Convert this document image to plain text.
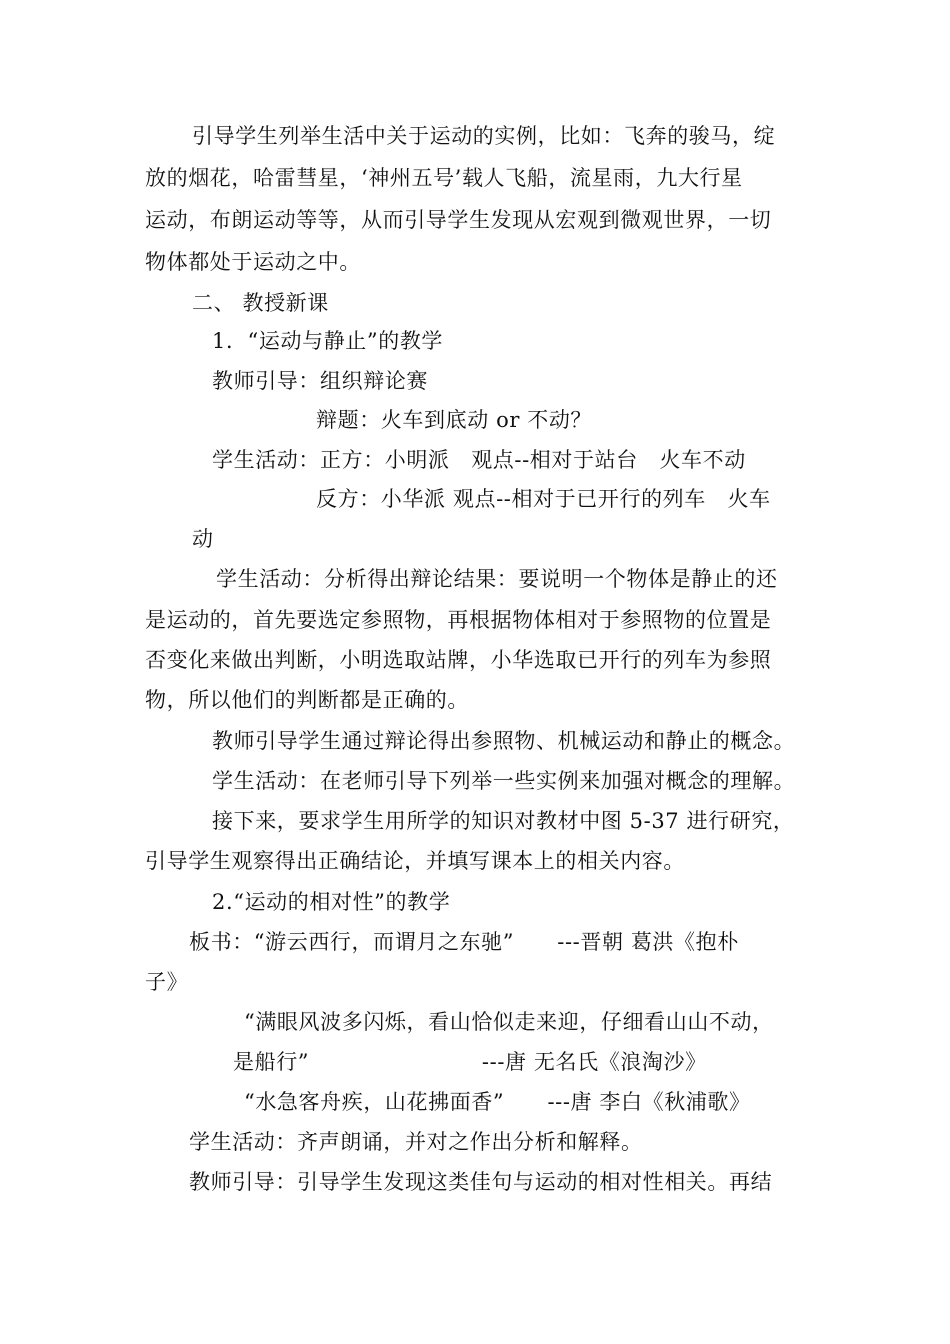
引导学生列举生活中关于运动的实例，比如：飞奔的骏马，绽
放的烟花，哈雷彗星，‘神州五号’载人飞船，流星雨，九大行星
运动，布朗运动等等，从而引导学生发现从宏观到微观世界，一切
物体都处于运动之中。
二、 教授新课
1．“运动与静止”的教学
教师引导：组织辩论赛
辩题：火车到底动 or 不动？
学生活动：正方：小明派　观点--相对于站台　火车不动
反方：小华派 观点--相对于已开行的列车　火车
动
学生活动：分析得出辩论结果：要说明一个物体是静止的还
是运动的，首先要选定参照物，再根据物体相对于参照物的位置是
否变化来做出判断，小明选取站牌，小华选取已开行的列车为参照
物，所以他们的判断都是正确的。
教师引导学生通过辩论得出参照物、机械运动和静止的概念。
学生活动：在老师引导下列举一些实例来加强对概念的理解。
接下来，要求学生用所学的知识对教材中图 5-37 进行研究，
引导学生观察得出正确结论，并填写课本上的相关内容。
2.“运动的相对性”的教学
板书：“游云西行，而谓月之东驰”　　---晋朝 葛洪《抱朴
子》
“满眼风波多闪烁，看山恰似走来迎，仔细看山山不动，
是船行”　　　　　　　　---唐 无名氏《浪淘沙》
“水急客舟疾，山花拂面香”　　---唐 李白《秋浦歌》
学生活动：齐声朗诵，并对之作出分析和解释。
教师引导：引导学生发现这类佳句与运动的相对性相关。再结
